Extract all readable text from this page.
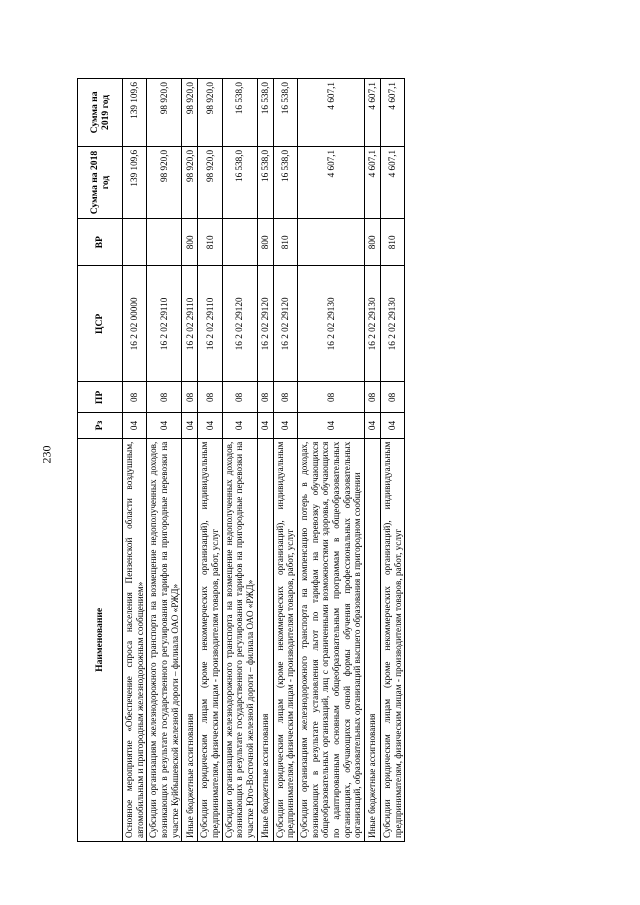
230
Наименование	Рз	ПР	ЦСР	ВР	Сумма на 2018 год	Сумма на 2019 год
Основное мероприятие «Обеспечение спроса населения Пензенской области воздушным, автомобильным и пригородным железнодорожным сообщением»	04	08	16 2 02 00000		139 109,6	139 109,6
Субсидии организациям железнодорожного транспорта на возмещение недополученных доходов, возникающих в результате государственного регулирования тарифов на пригородные перевозки на участке Куйбышевской железной дороги – филиала ОАО «РЖД»	04	08	16 2 02 29110		98 920,0	98 920,0
Иные бюджетные ассигнования	04	08	16 2 02 29110	800	98 920,0	98 920,0
Субсидии юридическим лицам (кроме некоммерческих организаций), индивидуальным предпринимателям, физическим лицам - производителям товаров, работ, услуг	04	08	16 2 02 29110	810	98 920,0	98 920,0
Субсидии организациям железнодорожного транспорта на возмещение недополученных доходов, возникающих в результате государственного регулирования тарифов на пригородные перевозки на участке Юго-Восточной железной дороги – филиала ОАО «РЖД»	04	08	16 2 02 29120		16 538,0	16 538,0
Иные бюджетные ассигнования	04	08	16 2 02 29120	800	16 538,0	16 538,0
Субсидии юридическим лицам (кроме некоммерческих организаций), индивидуальным предпринимателям, физическим лицам - производителям товаров, работ, услуг	04	08	16 2 02 29120	810	16 538,0	16 538,0
Субсидии организациям железнодорожного транспорта на компенсацию потерь в доходах, возникающих в результате установления льгот по тарифам на перевозку обучающихся общеобразовательных организаций, лиц с ограниченными возможностями здоровья, обучающихся по адаптированным основным общеобразовательным программам в общеобразовательных организациях, обучающихся очной формы обучения профессиональных образовательных организаций, образовательных организаций высшего образования в пригородном сообщении	04	08	16 2 02 29130		4 607,1	4 607,1
Иные бюджетные ассигнования	04	08	16 2 02 29130	800	4 607,1	4 607,1
Субсидии юридическим лицам (кроме некоммерческих организаций), индивидуальным предпринимателям, физическим лицам - производителям товаров, работ, услуг	04	08	16 2 02 29130	810	4 607,1	4 607,1
